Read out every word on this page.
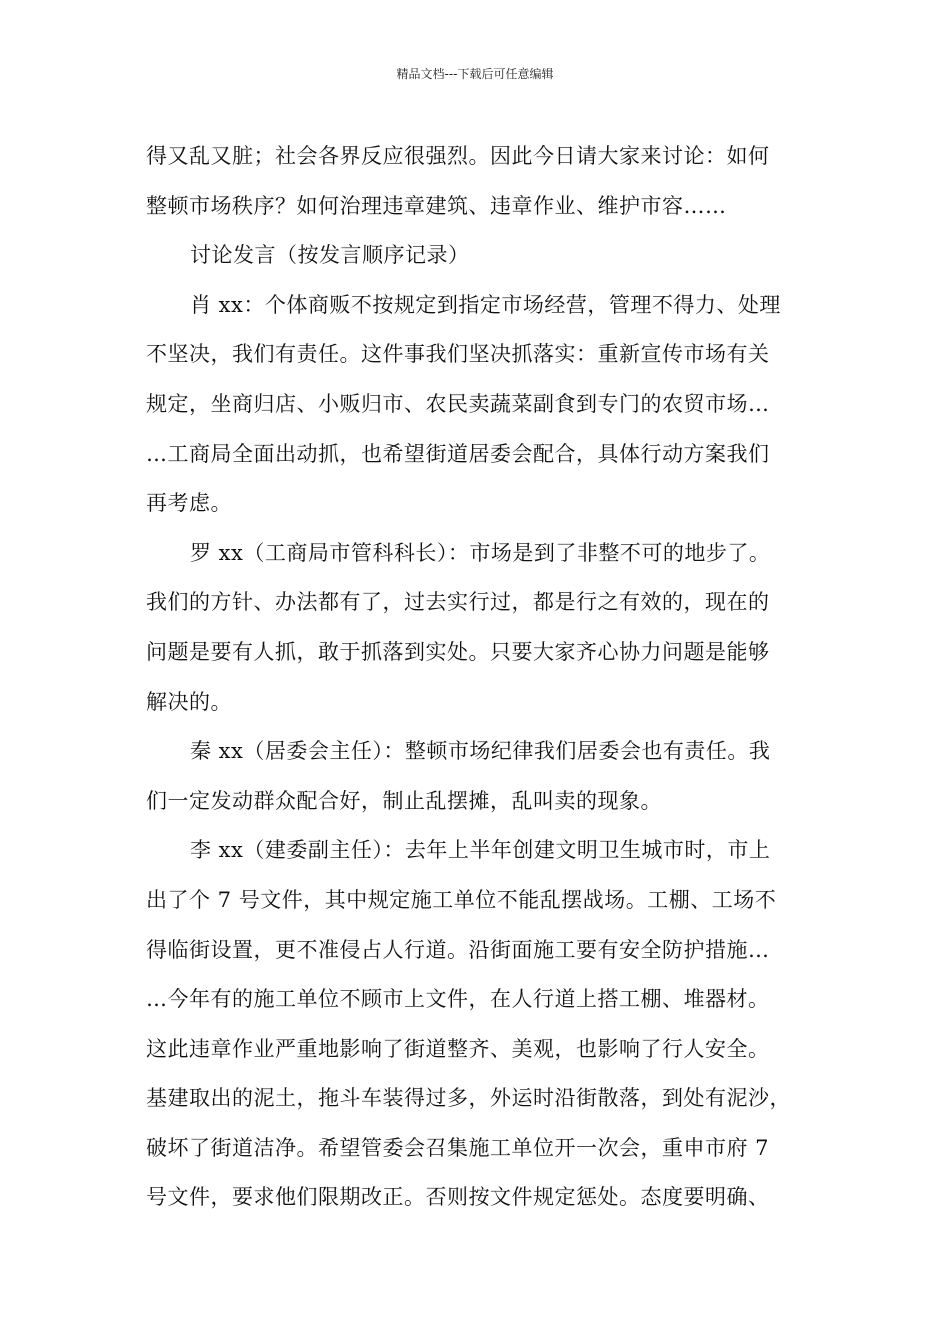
精品文档---下载后可任意编辑
得又乱又脏；社会各界反应很强烈。因此今日请大家来讨论：如何
整顿市场秩序？如何治理违章建筑、违章作业、维护市容……
讨论发言（按发言顺序记录）
肖 xx：个体商贩不按规定到指定市场经营，管理不得力、处理
不坚决，我们有责任。这件事我们坚决抓落实：重新宣传市场有关
规定，坐商归店、小贩归市、农民卖蔬菜副食到专门的农贸市场…
…工商局全面出动抓，也希望街道居委会配合，具体行动方案我们
再考虑。
罗 xx（工商局市管科科长）：市场是到了非整不可的地步了。
我们的方针、办法都有了，过去实行过，都是行之有效的，现在的
问题是要有人抓，敢于抓落到实处。只要大家齐心协力问题是能够
解决的。
秦 xx（居委会主任）：整顿市场纪律我们居委会也有责任。我
们一定发动群众配合好，制止乱摆摊，乱叫卖的现象。
李 xx（建委副主任）：去年上半年创建文明卫生城市时，市上
出了个 7 号文件，其中规定施工单位不能乱摆战场。工棚、工场不
得临街设置，更不准侵占人行道。沿街面施工要有安全防护措施…
…今年有的施工单位不顾市上文件，在人行道上搭工棚、堆器材。
这此违章作业严重地影响了街道整齐、美观，也影响了行人安全。
基建取出的泥土，拖斗车装得过多，外运时沿街散落，到处有泥沙，
破坏了街道洁净。希望管委会召集施工单位开一次会，重申市府 7
号文件，要求他们限期改正。否则按文件规定惩处。态度要明确、
